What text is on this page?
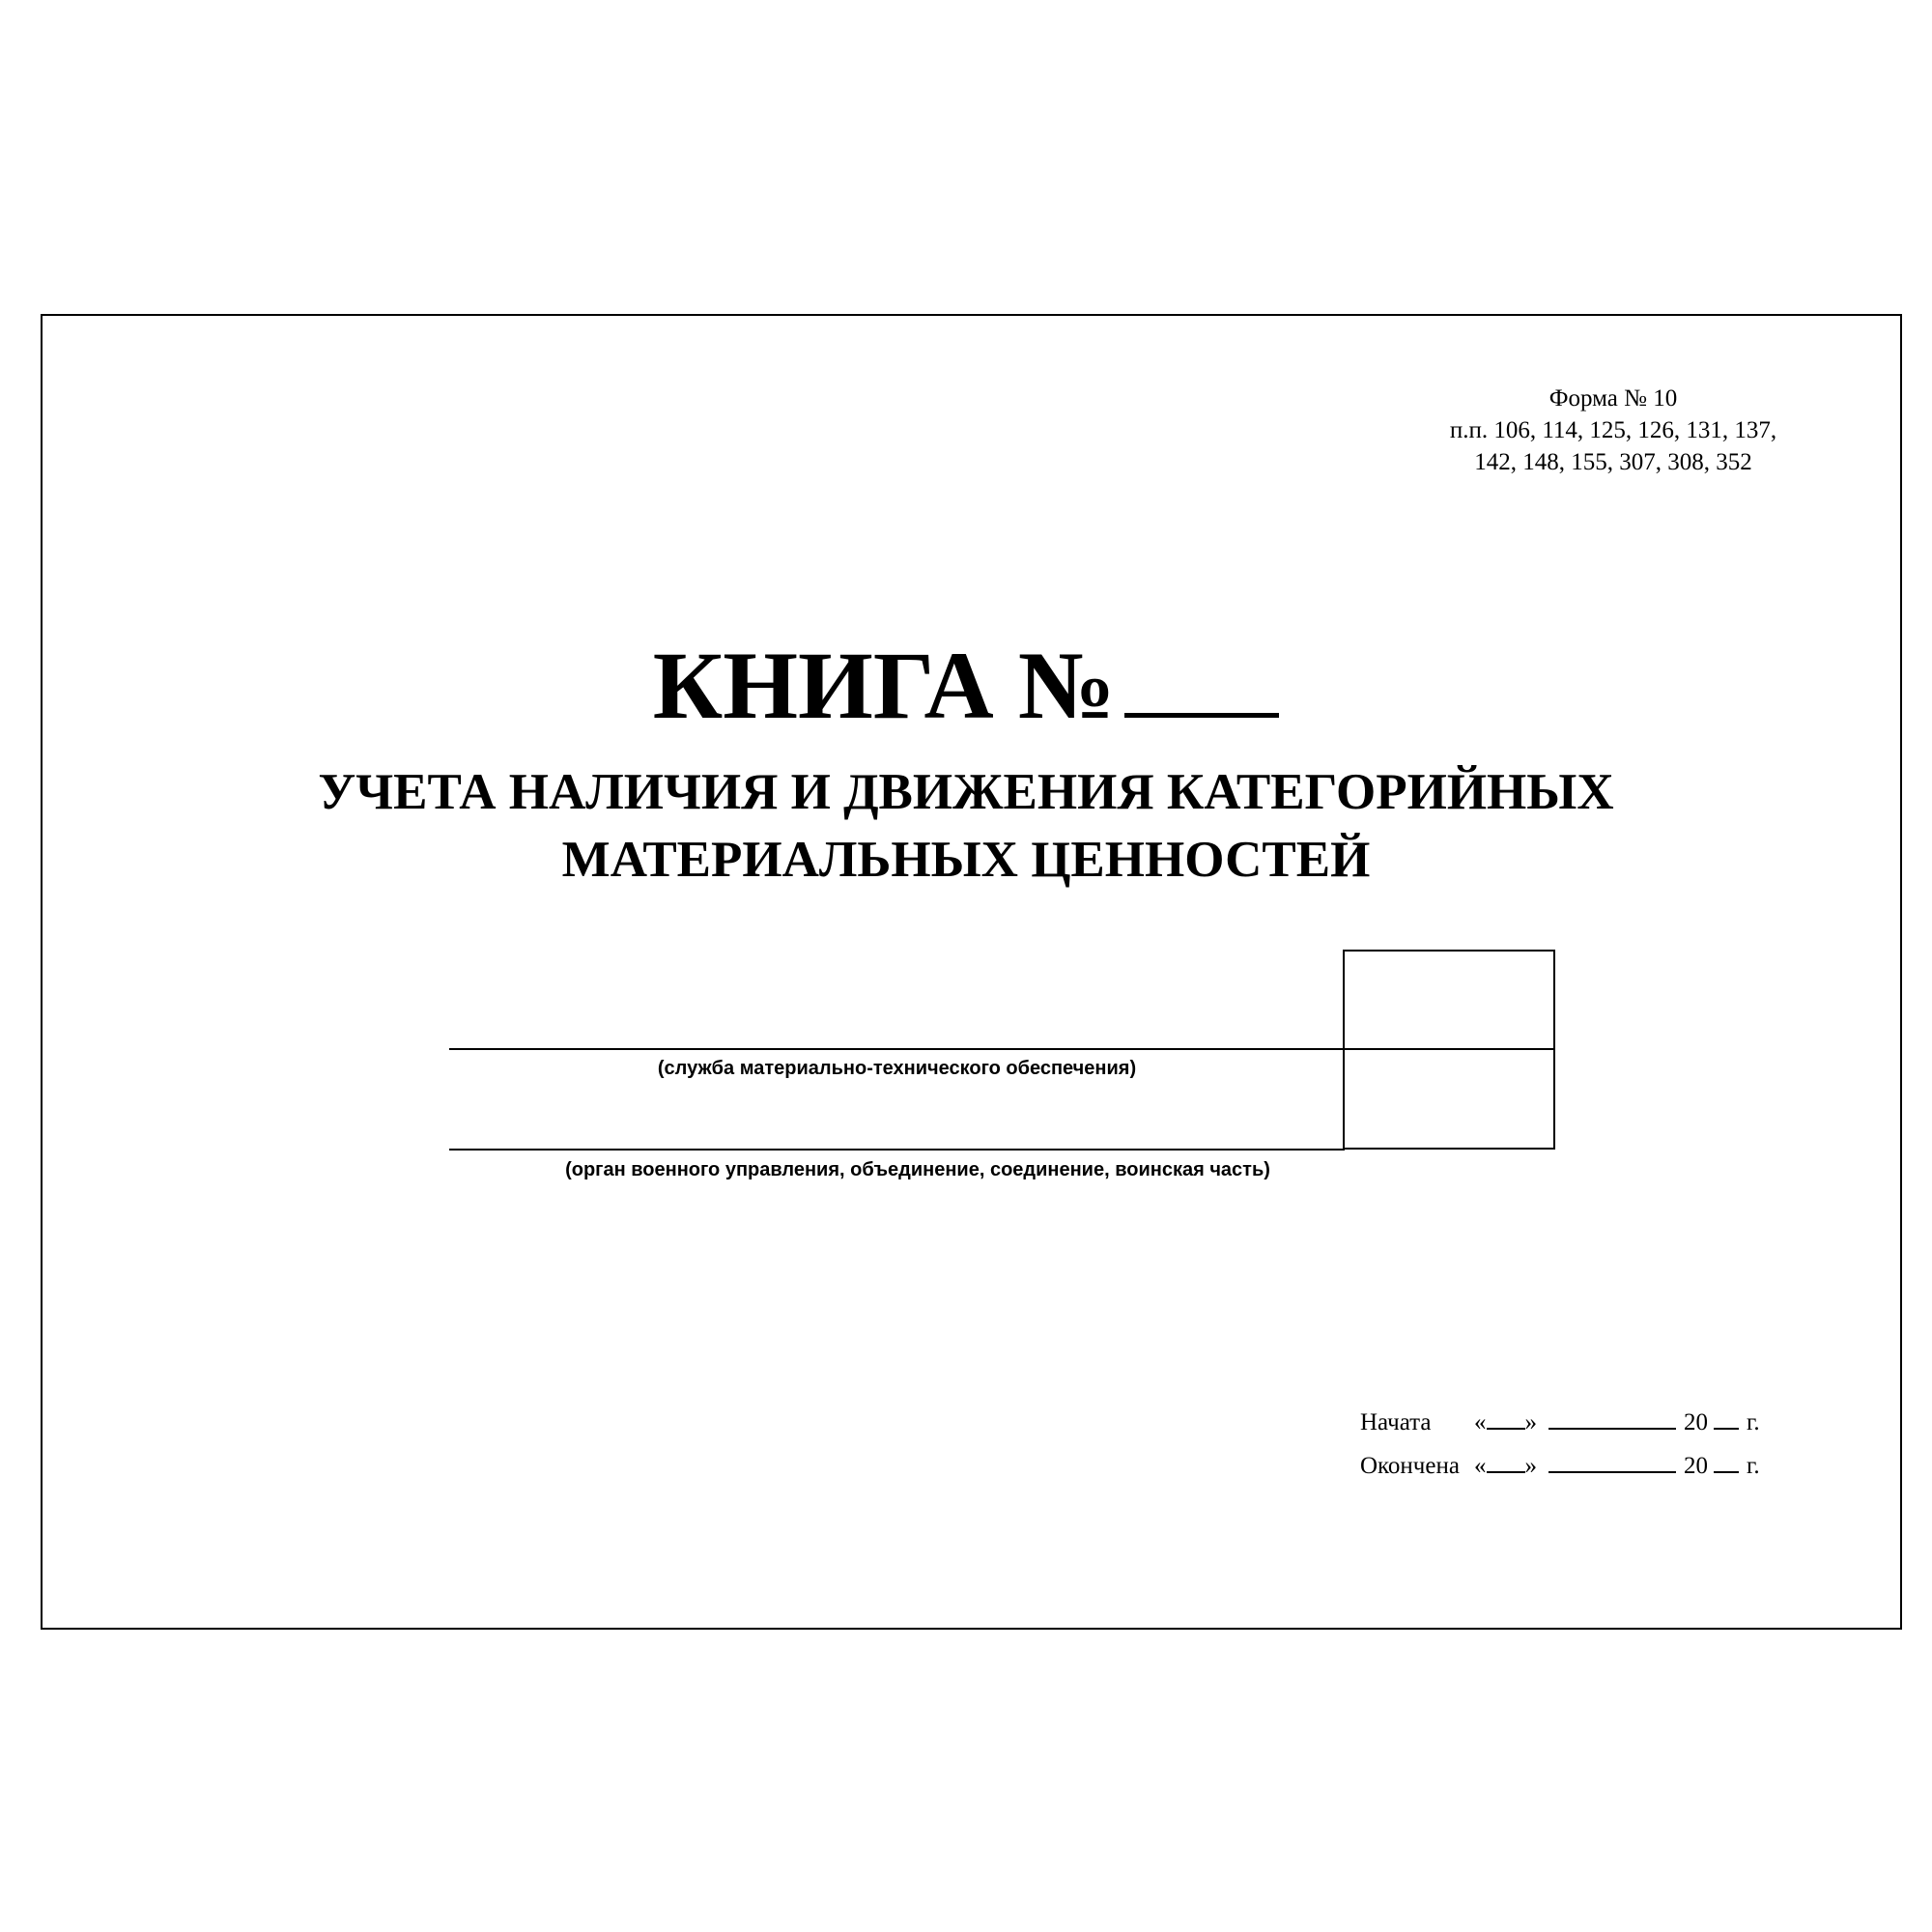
Форма № 10
п.п. 106, 114, 125, 126, 131, 137,
142, 148, 155, 307, 308, 352
КНИГА №
УЧЕТА НАЛИЧИЯ И ДВИЖЕНИЯ КАТЕГОРИЙНЫХ
МАТЕРИАЛЬНЫХ ЦЕННОСТЕЙ
(служба материально-технического обеспечения)
(орган военного управления, объединение, соединение, воинская часть)
Начата	« »	20 г.
Окончена « »	20 г.
